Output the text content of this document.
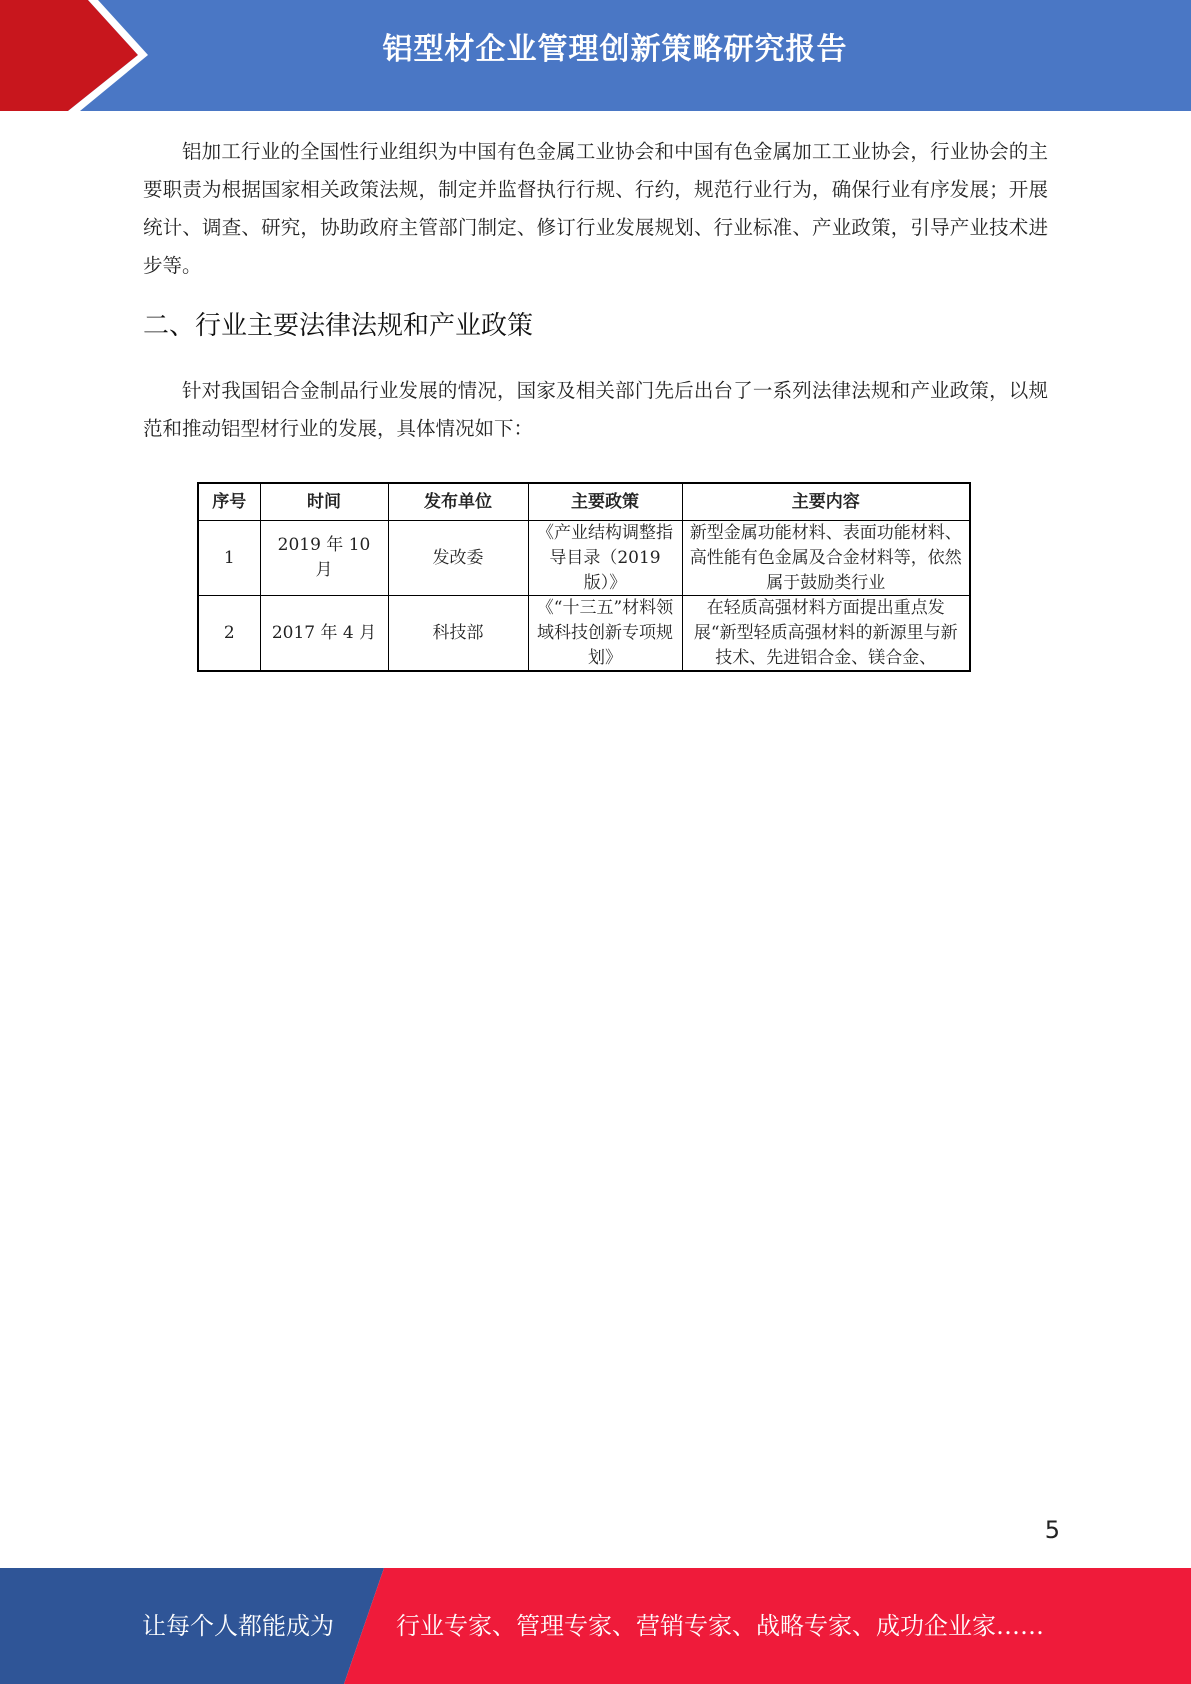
铝型材企业管理创新策略研究报告

铝加工行业的全国性行业组织为中国有色金属工业协会和中国有色金属加工工业协会，行业协会的主要职责为根据国家相关政策法规，制定并监督执行行规、行约，规范行业行为，确保行业有序发展；开展统计、调查、研究，协助政府主管部门制定、修订行业发展规划、行业标准、产业政策，引导产业技术进步等。

二、行业主要法律法规和产业政策

针对我国铝合金制品行业发展的情况，国家及相关部门先后出台了一系列法律法规和产业政策，以规范和推动铝型材行业的发展，具体情况如下：

序号	时间	发布单位	主要政策	主要内容
1	2019 年 10 月	发改委	《产业结构调整指导目录（2019 版）》	新型金属功能材料、表面功能材料、高性能有色金属及合金材料等，依然属于鼓励类行业

2	2017 年 4 月	科技部	《“十三五”材料领域科技创新专项规划》	在轻质高强材料方面提出重点发展“新型轻质高强材料的新源里与新技术、先进铝合金、镁合金、
5
让每个人都能成为	行业专家、管理专家、营销专家、战略专家、成功企业家……
